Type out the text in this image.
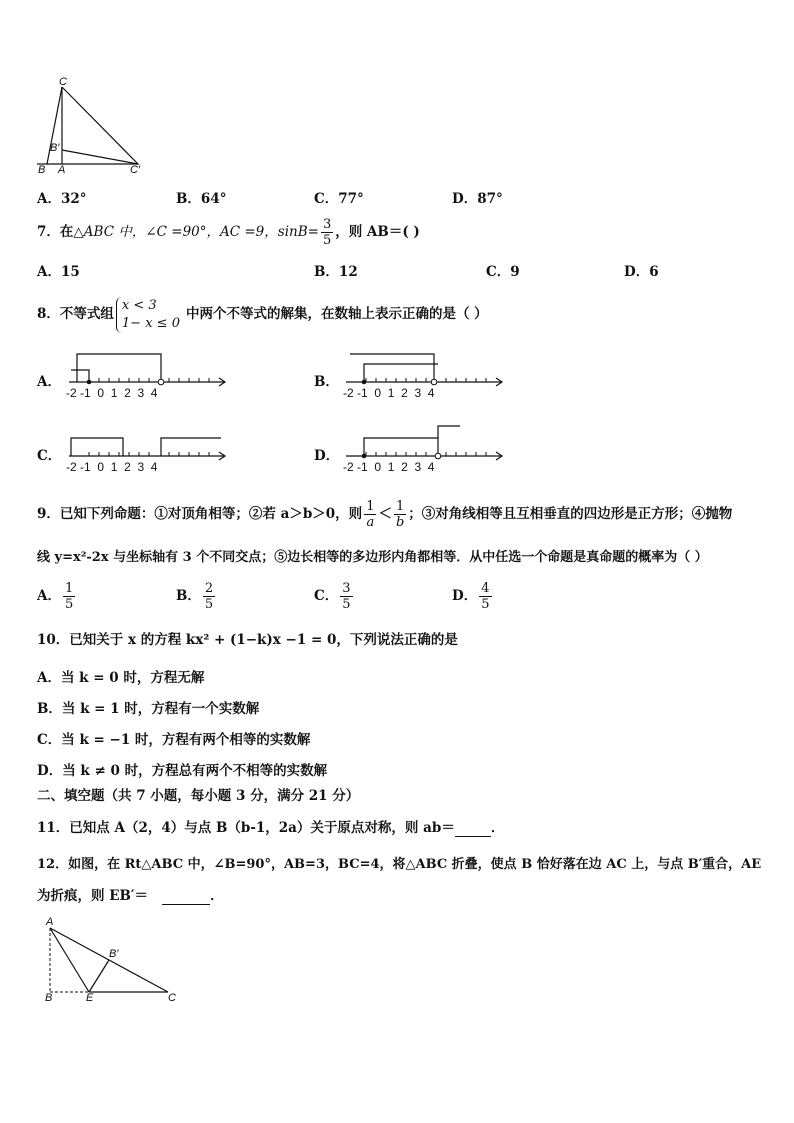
C
B′
B A	C′
A．32°	B．64°	C．77°	D．87°
7．在△ABC 中，∠C =90°，AC =9，$\sin B= \frac{3}{5}$ ，则 AB＝( )
A．15	B．12	C．9	D．6
8．不等式组
x < 3
1− x ≤ 0
中两个不等式的解集，在数轴上表示正确的是（ ）
A．
-2 -1 0 1 2 3 4
B．
-2 -1 0 1 2 3 4
C．
-2 -1 0 1 2 3 4
D．
-2 -1 0 1 2 3 4
9．已知下列命题：①对顶角相等；②若 a＞b＞0，则 $\frac{1}{a} < \frac{1}{b}$ ；③对角线相等且互相垂直的四边形是正方形；④抛物
线 y=x²-2x 与坐标轴有 3 个不同交点；⑤边长相等的多边形内角都相等．从中任选一个命题是真命题的概率为（ ）
A． $\frac{1}{5}$	B． $\frac{2}{5}$	C． $\frac{3}{5}$	D． $\frac{4}{5}$
10．已知关于 x 的方程 kx² + (1−k)x −1 = 0，下列说法正确的是
A．当 k = 0 时，方程无解
B．当 k = 1 时，方程有一个实数解
C．当 k = −1 时，方程有两个相等的实数解
D．当 k ≠ 0 时，方程总有两个不相等的实数解
二、填空题（共 7 小题，每小题 3 分，满分 21 分）
11．已知点 A（2，4）与点 B（b-1，2a）关于原点对称，则 ab＝	．
12．如图，在 Rt△ABC 中，∠B=90°，AB=3，BC=4，将△ABC 折叠，使点 B 恰好落在边 AC 上，与点 B′重合，AE
为折痕，则 EB′＝	．
A
B′
B	E	C
